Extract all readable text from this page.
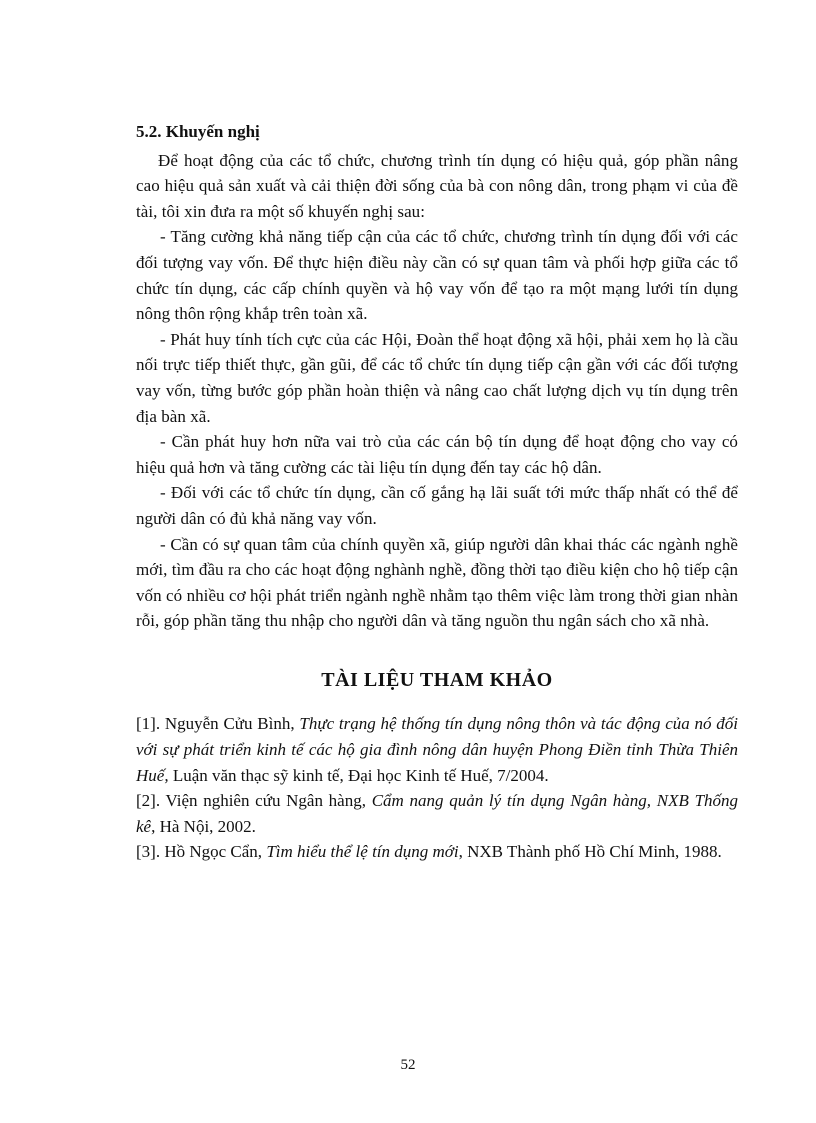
5.2. Khuyến nghị

Để hoạt động của các tổ chức, chương trình tín dụng có hiệu quả, góp phần nâng cao hiệu quả sản xuất và cải thiện đời sống của bà con nông dân, trong phạm vi của đề tài, tôi xin đưa ra một số khuyến nghị sau:

- Tăng cường khả năng tiếp cận của các tổ chức, chương trình tín dụng đối với các đối tượng vay vốn. Để thực hiện điều này cần có sự quan tâm và phối hợp giữa các tổ chức tín dụng, các cấp chính quyền và hộ vay vốn để tạo ra một mạng lưới tín dụng nông thôn rộng khắp trên toàn xã.

- Phát huy tính tích cực của các Hội, Đoàn thể hoạt động xã hội, phải xem họ là cầu nối trực tiếp thiết thực, gần gũi, để các tổ chức tín dụng tiếp cận gần với các đối tượng vay vốn, từng bước góp phần hoàn thiện và nâng cao chất lượng dịch vụ tín dụng trên địa bàn xã.

- Cần phát huy hơn nữa vai trò của các cán bộ tín dụng để hoạt động cho vay có hiệu quả hơn và tăng cường các tài liệu tín dụng đến tay các hộ dân.

- Đối với các tổ chức tín dụng, cần cố gắng hạ lãi suất tới mức thấp nhất có thể để người dân có đủ khả năng vay vốn.

- Cần có sự quan tâm của chính quyền xã, giúp người dân khai thác các ngành nghề mới, tìm đầu ra cho các hoạt động nghành nghề, đồng thời tạo điều kiện cho hộ tiếp cận vốn có nhiều cơ hội phát triển ngành nghề nhằm tạo thêm việc làm trong thời gian nhàn rỗi, góp phần tăng thu nhập cho người dân và tăng nguồn thu ngân sách cho xã nhà.

TÀI LIỆU THAM KHẢO

[1]. Nguyễn Cửu Bình, Thực trạng hệ thống tín dụng nông thôn và tác động của nó đối với sự phát triển kinh tế các hộ gia đình nông dân huyện Phong Điền tỉnh Thừa Thiên Huế, Luận văn thạc sỹ kinh tế, Đại học Kinh tế Huế, 7/2004.

[2]. Viện nghiên cứu Ngân hàng, Cẩm nang quản lý tín dụng Ngân hàng, NXB Thống kê, Hà Nội, 2002.

[3]. Hồ Ngọc Cẩn, Tìm hiểu thể lệ tín dụng mới, NXB Thành phố Hồ Chí Minh, 1988.

52
